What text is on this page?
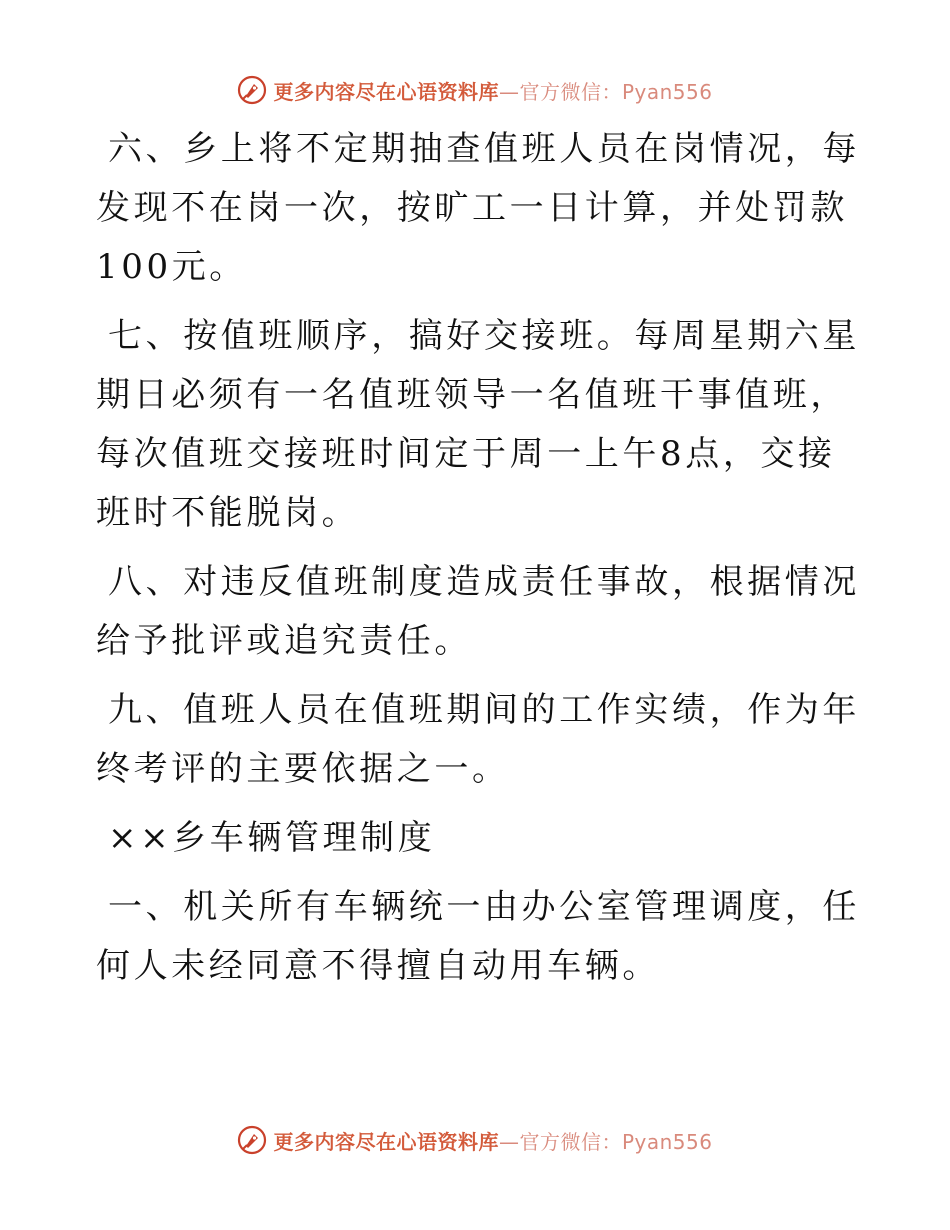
更多内容尽在心语资料库—官方微信：Pyan556

六、乡上将不定期抽查值班人员在岗情况，每发现不在岗一次，按旷工一日计算，并处罚款100元。

七、按值班顺序，搞好交接班。每周星期六星期日必须有一名值班领导一名值班干事值班，每次值班交接班时间定于周一上午8点，交接班时不能脱岗。

八、对违反值班制度造成责任事故，根据情况给予批评或追究责任。

九、值班人员在值班期间的工作实绩，作为年终考评的主要依据之一。

××乡车辆管理制度

一、机关所有车辆统一由办公室管理调度，任何人未经同意不得擅自动用车辆。

更多内容尽在心语资料库—官方微信：Pyan556
